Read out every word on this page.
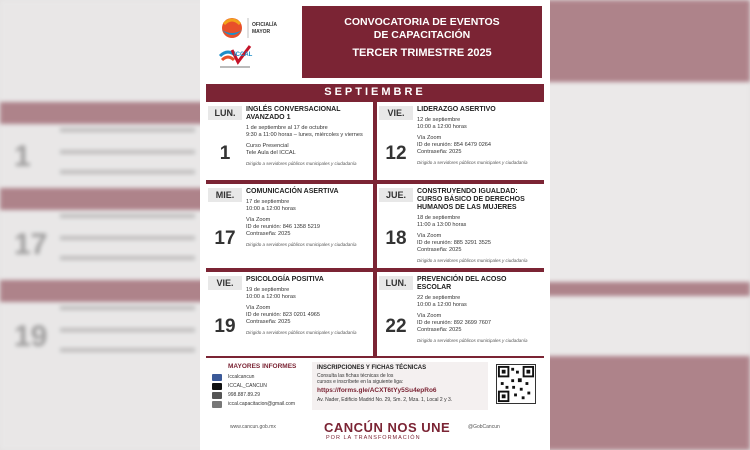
1
17
19
OFICIALÍA
MAYOR
ICCAL
CONVOCATORIA DE EVENTOS
DE CAPACITACIÓN
TERCER TRIMESTRE 2025
SEPTIEMBRE
LUN.
1
INGLÉS CONVERSACIONAL AVANZADO 1
1 de septiembre al 17 de octubre
9:30 a 11:00 horas – lunes, miércoles y viernes
Curso Presencial
Tele Aula del ICCAL
Dirigido a servidores públicos municipales y ciudadanía
VIE.
12
LIDERAZGO ASERTIVO
12 de septiembre
10:00 a 12:00 horas
Vía Zoom
ID de reunión: 854 6479 0264
Contraseña: 2025
Dirigido a servidores públicos municipales y ciudadanía
MIE.
17
COMUNICACIÓN ASERTIVA
17 de septiembre
10:00 a 12:00 horas
Vía Zoom
ID de reunión: 846 1358 5219
Contraseña: 2025
Dirigido a servidores públicos municipales y ciudadanía
JUE.
18
CONSTRUYENDO IGUALDAD: CURSO BÁSICO DE DERECHOS HUMANOS DE LAS MUJERES
18 de septiembre
11:00 a 13:00 horas
Vía Zoom
ID de reunión: 885 3291 3525
Contraseña: 2025
Dirigido a servidores públicos municipales y ciudadanía
VIE.
19
PSICOLOGÍA POSITIVA
19 de septiembre
10:00 a 12:00 horas
Vía Zoom
ID de reunión: 823 0201 4965
Contraseña: 2025
Dirigido a servidores públicos municipales y ciudadanía
LUN.
22
PREVENCIÓN DEL ACOSO ESCOLAR
22 de septiembre
10:00 a 12:00 horas
Vía Zoom
ID de reunión: 892 3699 7607
Contraseña: 2025
Dirigido a servidores públicos municipales y ciudadanía
MAYORES INFORMES
Iccalcancun
ICCAL_CANCUN
998.887.89.29
iccal.capacitacion@gmail.com
INSCRIPCIONES Y FICHAS TÉCNICAS
Consulta las fichas técnicas de los
cursos e inscríbete en la siguiente liga:
https://forms.gle/ACXT6tYy5Su4epRo6
Av. Nader, Edificio Madrid No. 29, Sm. 2, Mza. 1, Local 2 y 3.
www.cancun.gob.mx	CANCÚN NOS UNE
POR LA TRANSFORMACIÓN
@GobCancun
